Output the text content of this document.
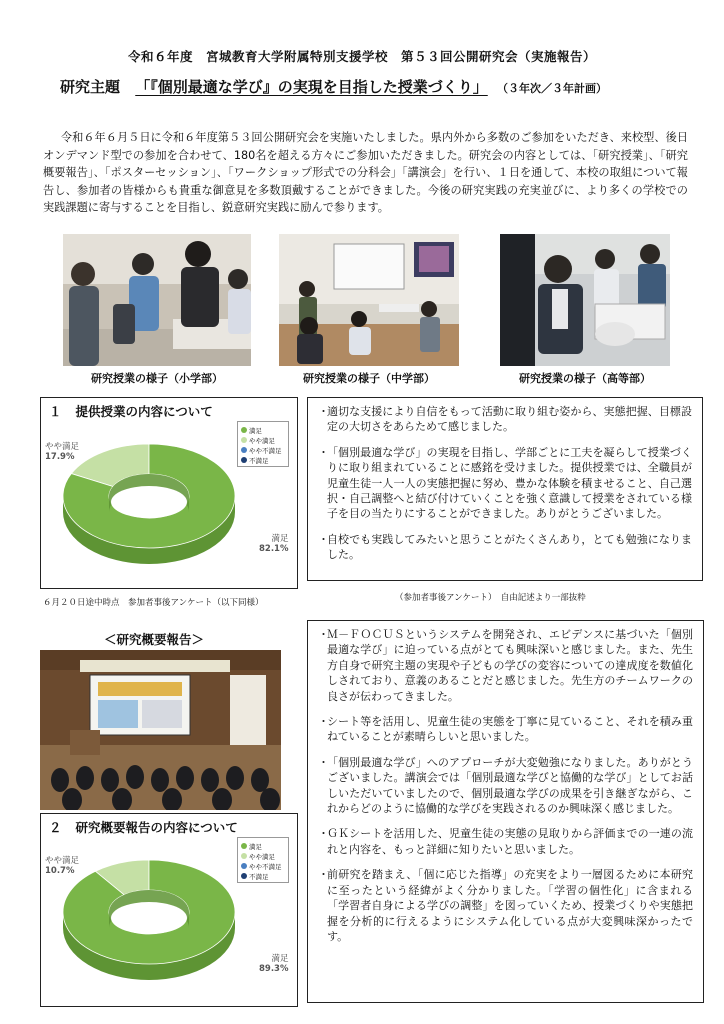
令和６年度　宮城教育大学附属特別支援学校　第５３回公開研究会（実施報告）
研究主題 「『個別最適な学び』の実現を目指した授業づくり」 （３年次／３年計画）
令和６年６月５日に令和６年度第５３回公開研究会を実施いたしました。県内外から多数のご参加をいただき、来校型、後日オンデマンド型での参加を合わせて、180名を超える方々にご参加いただきました。研究会の内容としては、「研究授業」、「研究概要報告」、「ポスターセッション」、「ワークショップ形式での分科会」「講演会」を行い、１日を通して、本校の取組について報告し、参加者の皆様からも貴重な御意見を多数頂戴することができました。今後の研究実践の充実並びに、より多くの学校での実践課題に寄与することを目指し、鋭意研究実践に励んで参ります。
研究授業の様子（小学部）	研究授業の様子（中学部）	研究授業の様子（高等部）
１ 提供授業の内容について
満足
やや満足
やや不満足
不満足
やや満足
17.9%
満足
82.1%
６月２０日途中時点　参加者事後アンケート（以下同様）	（参加者事後アンケート）　自由記述より一部抜粋
・
適切な支援により自信をもって活動に取り組む姿から、実態把握、目標設定の大切さをあらためて感じました。
・
「個別最適な学び」の実現を目指し、学部ごとに工夫を凝らして授業づくりに取り組まれていることに感銘を受けました。提供授業では、全職員が児童生徒一人一人の実態把握に努め、豊かな体験を積ませること、自己選択・自己調整へと結び付けていくことを強く意識して授業をされている様子を目の当たりにすることができました。ありがとうございました。
・
自校でも実践してみたいと思うことがたくさんあり，とても勉強になりました。
＜研究概要報告＞
２ 研究概要報告の内容について
満足
やや満足
やや不満足
不満足
やや満足
10.7%
満足
89.3%
・
Ｍ－ＦＯＣＵＳというシステムを開発され、エビデンスに基づいた「個別最適な学び」に迫っている点がとても興味深いと感じました。また、先生方自身で研究主題の実現や子どもの学びの変容についての達成度を数値化しされており、意義のあることだと感じました。先生方のチームワークの良さが伝わってきました。
・
シート等を活用し、児童生徒の実態を丁寧に見ていること、それを積み重ねていることが素晴らしいと思いました。
・
「個別最適な学び」へのアプローチが大変勉強になりました。ありがとうございました。講演会では「個別最適な学びと協働的な学び」としてお話しいただいていましたので、個別最適な学びの成果を引き継ぎながら、これからどのように協働的な学びを実践されるのか興味深く感じました。
・
ＧＫシートを活用した、児童生徒の実態の見取りから評価までの一連の流れと内容を、もっと詳細に知りたいと思いました。
・
前研究を踏まえ、「個に応じた指導」の充実をより一層図るために本研究に至ったという経緯がよく分かりました。「学習の個性化」に含まれる「学習者自身による学びの調整」を図っていくため、授業づくりや実態把握を分析的に行えるようにシステム化している点が大変興味深かったです。
